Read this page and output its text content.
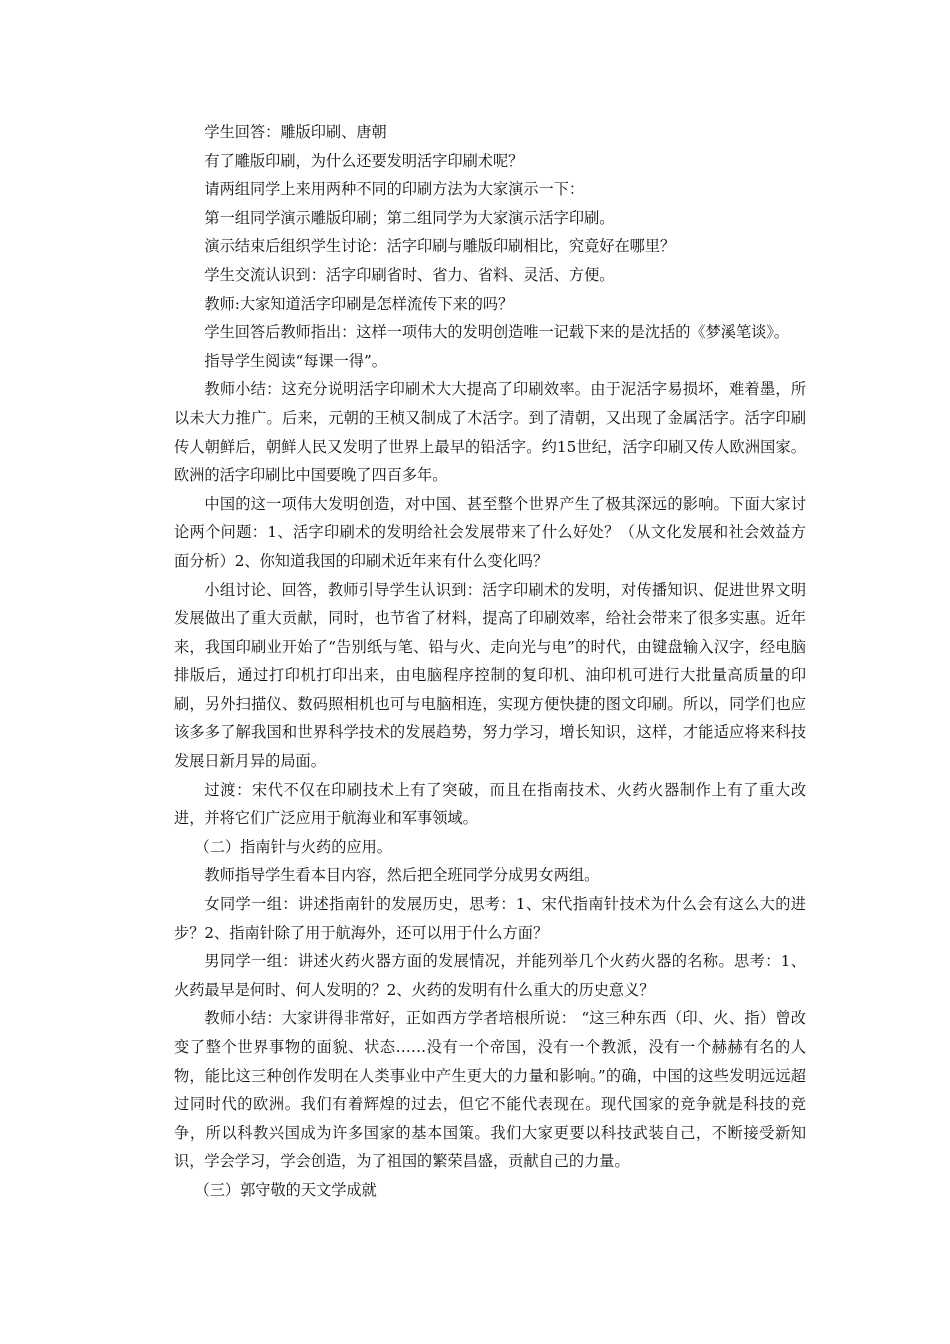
学生回答：雕版印刷、唐朝

有了雕版印刷，为什么还要发明活字印刷术呢？

请两组同学上来用两种不同的印刷方法为大家演示一下：

第一组同学演示雕版印刷；第二组同学为大家演示活字印刷。

演示结束后组织学生讨论：活字印刷与雕版印刷相比，究竟好在哪里？

学生交流认识到：活字印刷省时、省力、省料、灵活、方便。

教师:大家知道活字印刷是怎样流传下来的吗？

学生回答后教师指出：这样一项伟大的发明创造唯一记载下来的是沈括的《梦溪笔谈》。

指导学生阅读“每课一得”。

教师小结：这充分说明活字印刷术大大提高了印刷效率。由于泥活字易损坏，难着墨，所以未大力推广。后来，元朝的王桢又制成了木活字。到了清朝，又出现了金属活字。活字印刷传人朝鲜后，朝鲜人民又发明了世界上最早的铅活字。约15世纪，活字印刷又传人欧洲国家。欧洲的活字印刷比中国要晚了四百多年。

中国的这一项伟大发明创造，对中国、甚至整个世界产生了极其深远的影响。下面大家讨论两个问题：1、活字印刷术的发明给社会发展带来了什么好处？（从文化发展和社会效益方面分析）2、你知道我国的印刷术近年来有什么变化吗？

小组讨论、回答，教师引导学生认识到：活字印刷术的发明，对传播知识、促进世界文明发展做出了重大贡献，同时，也节省了材料，提高了印刷效率，给社会带来了很多实惠。近年来，我国印刷业开始了“告别纸与笔、铅与火、走向光与电”的时代，由键盘输入汉字，经电脑排版后，通过打印机打印出来，由电脑程序控制的复印机、油印机可进行大批量高质量的印刷，另外扫描仪、数码照相机也可与电脑相连，实现方便快捷的图文印刷。所以，同学们也应该多多了解我国和世界科学技术的发展趋势，努力学习，增长知识，这样，才能适应将来科技发展日新月异的局面。

过渡：宋代不仅在印刷技术上有了突破，而且在指南技术、火药火器制作上有了重大改进，并将它们广泛应用于航海业和军事领域。

（二）指南针与火药的应用。

教师指导学生看本目内容，然后把全班同学分成男女两组。

女同学一组：讲述指南针的发展历史，思考：1、宋代指南针技术为什么会有这么大的进步？2、指南针除了用于航海外，还可以用于什么方面？

男同学一组：讲述火药火器方面的发展情况，并能列举几个火药火器的名称。思考：1、火药最早是何时、何人发明的？2、火药的发明有什么重大的历史意义？

教师小结：大家讲得非常好，正如西方学者培根所说： “这三种东西（印、火、指）曾改变了整个世界事物的面貌、状态……没有一个帝国，没有一个教派，没有一个赫赫有名的人物，能比这三种创作发明在人类事业中产生更大的力量和影响。”的确，中国的这些发明远远超过同时代的欧洲。我们有着辉煌的过去，但它不能代表现在。现代国家的竞争就是科技的竞争，所以科教兴国成为许多国家的基本国策。我们大家更要以科技武装自己，不断接受新知识，学会学习，学会创造，为了祖国的繁荣昌盛，贡献自己的力量。

（三）郭守敬的天文学成就
